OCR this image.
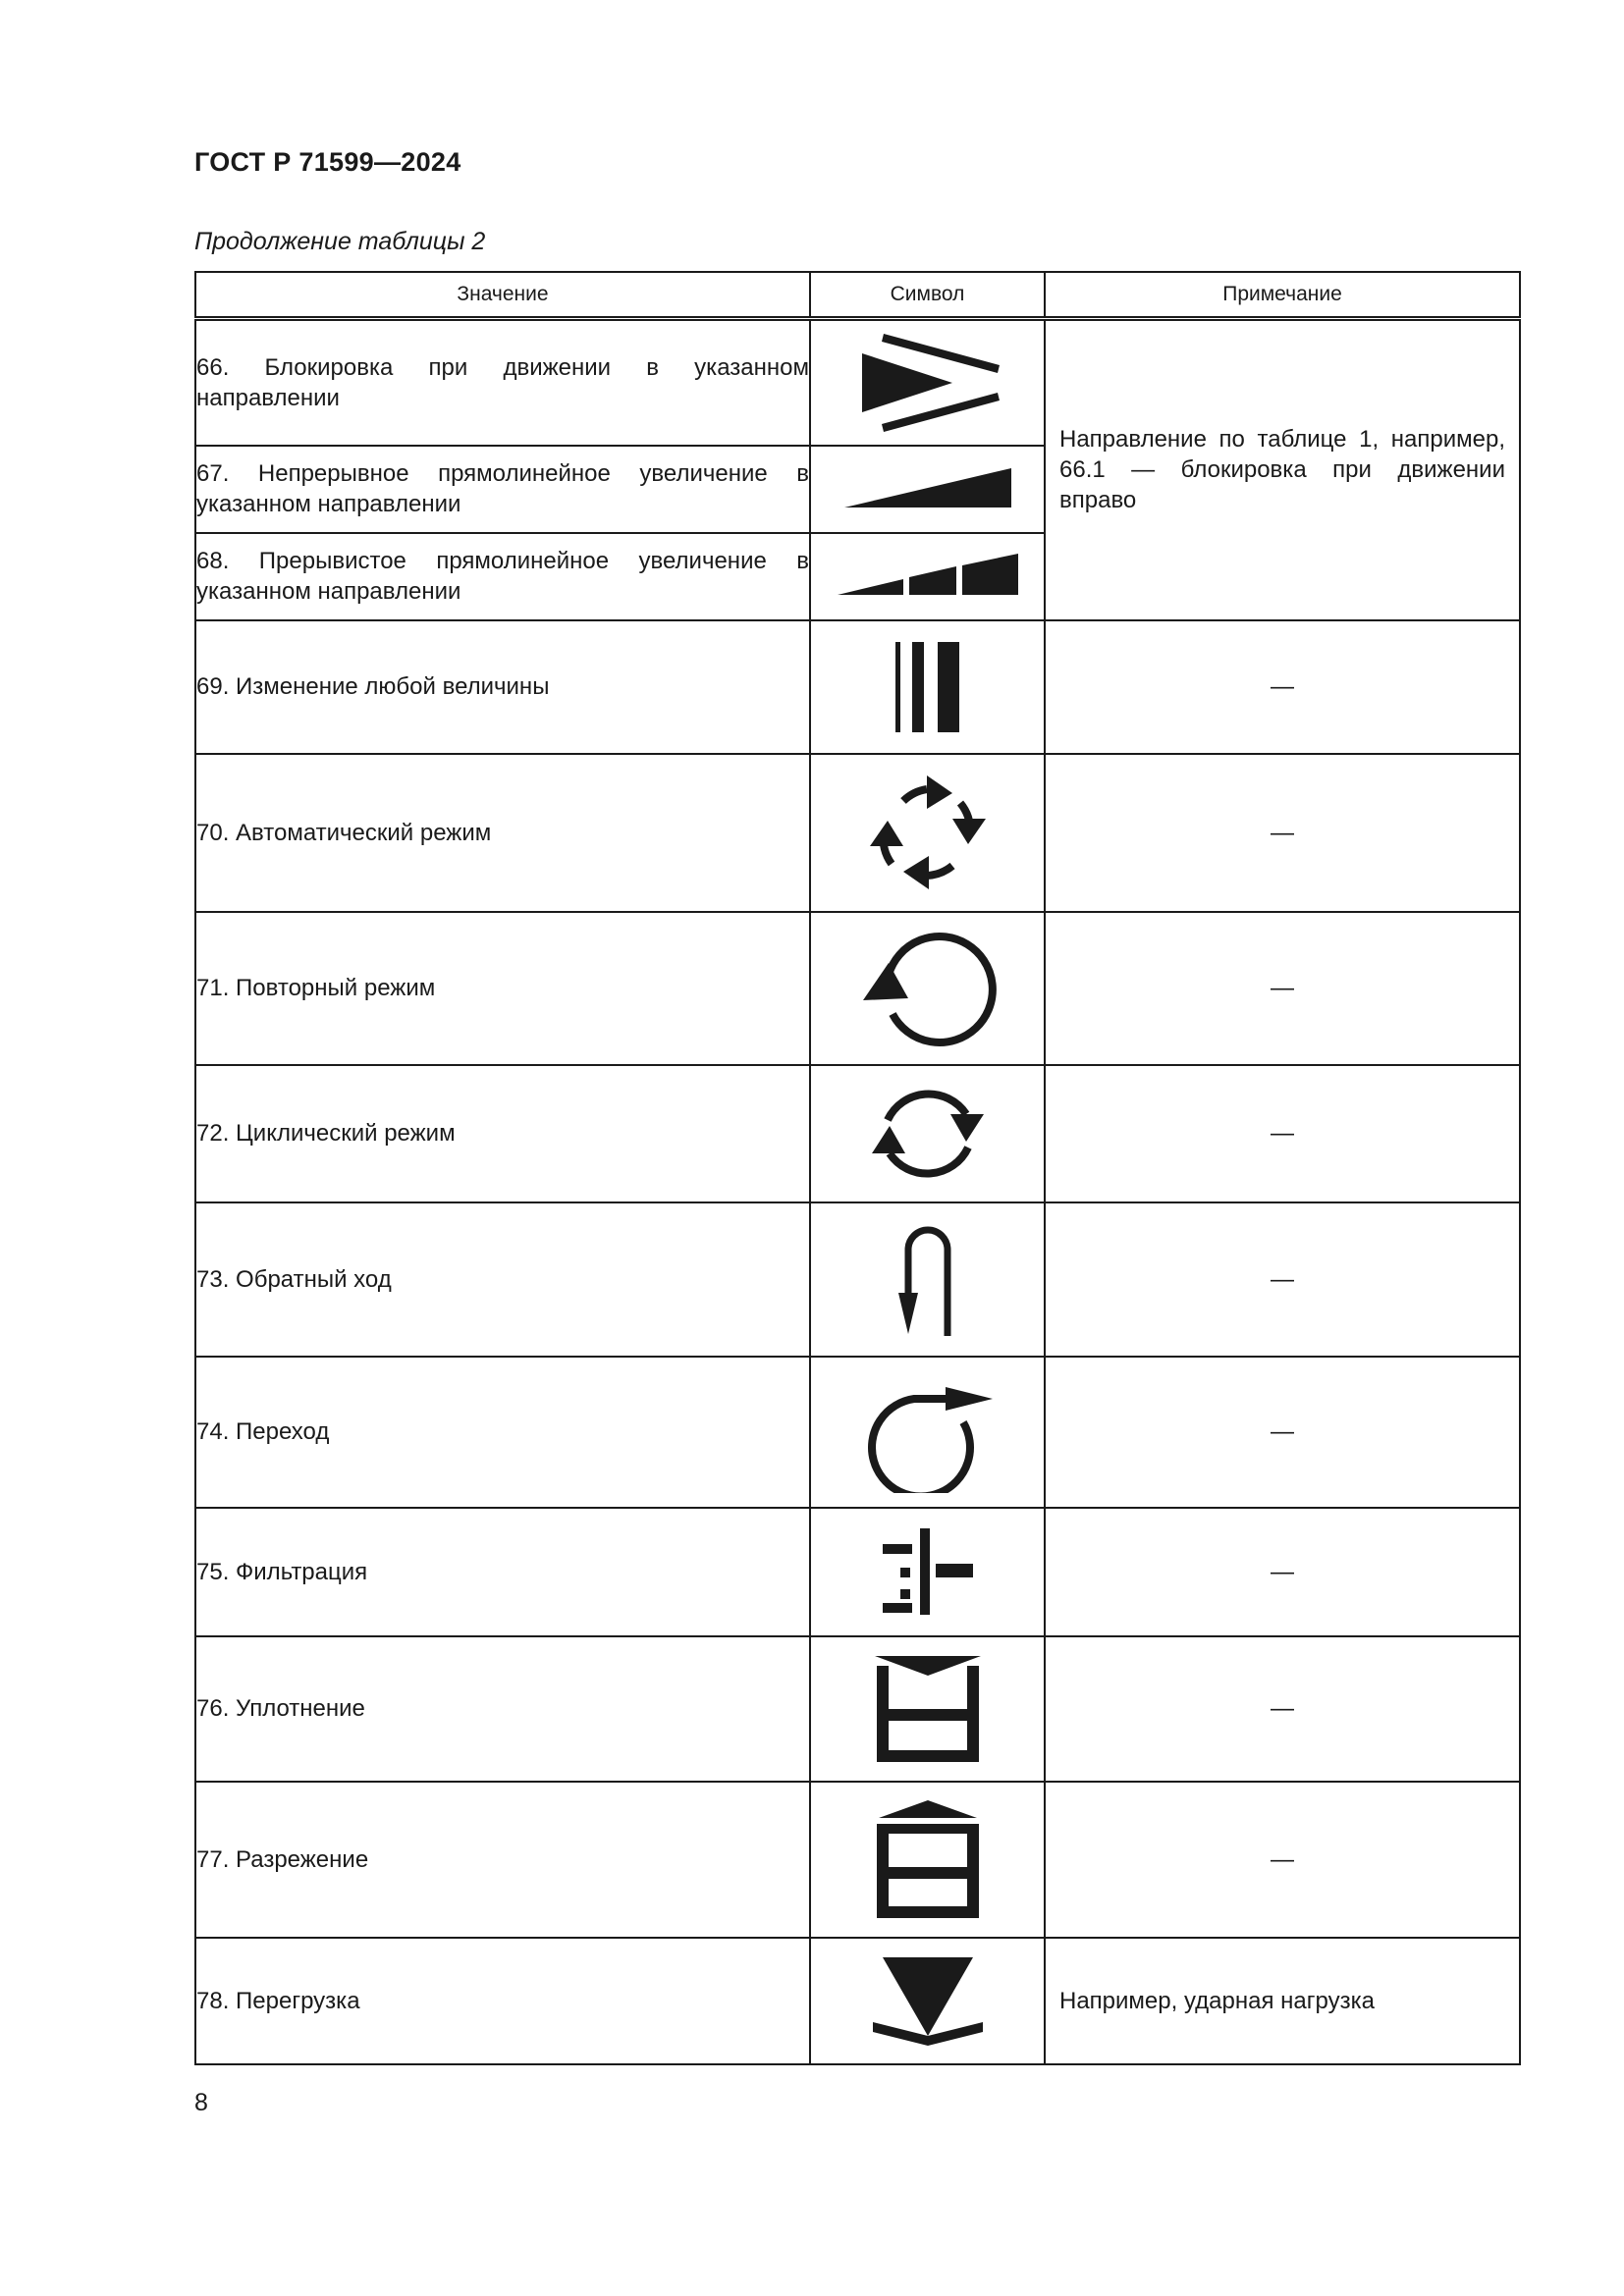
ГОСТ Р 71599—2024
Продолжение таблицы 2
Значение	Символ	Примечание
66. Блокировка при движении в указанном направлении		Направление по таблице 1, например, 66.1 — блокировка при движении вправо
67. Непрерывное прямолинейное увеличение в указанном направлении	

68. Прерывистое прямолинейное увеличение в указанном направлении	

69. Изменение любой величины		—
70. Автоматический режим		—
71. Повторный режим		—
72. Циклический режим		—
73. Обратный ход		—
74. Переход		—
75. Фильтрация		—
76. Уплотнение		—
77. Разрежение		—
78. Перегрузка		Например, ударная нагрузка
8
